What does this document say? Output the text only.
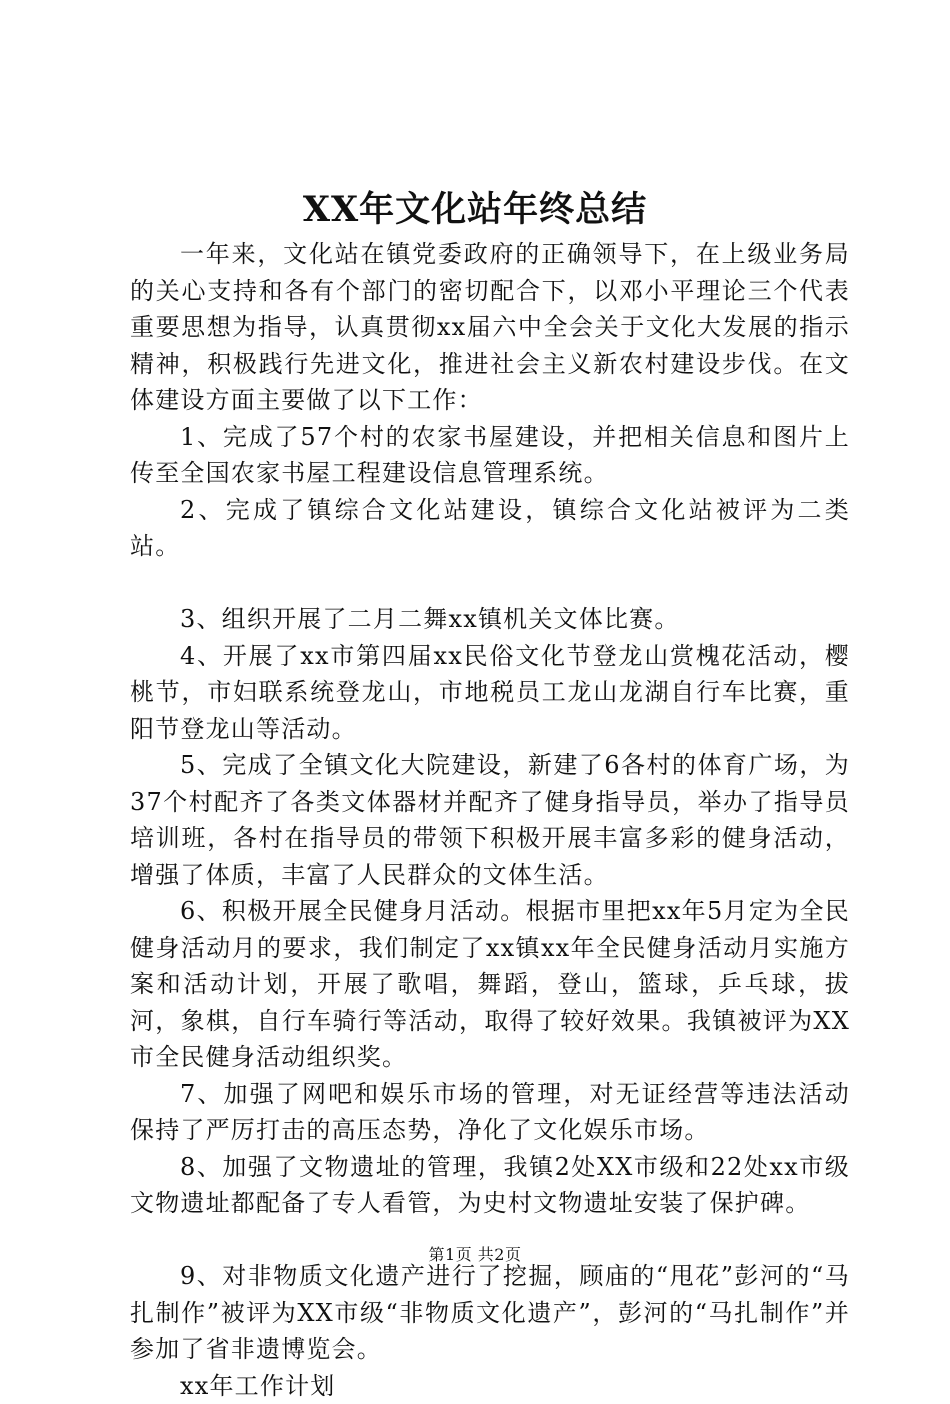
XX年文化站年终总结

一年来，文化站在镇党委政府的正确领导下，在上级业务局的关心支持和各有个部门的密切配合下，以邓小平理论三个代表重要思想为指导，认真贯彻xx届六中全会关于文化大发展的指示精神，积极践行先进文化，推进社会主义新农村建设步伐。在文体建设方面主要做了以下工作：

1、完成了57个村的农家书屋建设，并把相关信息和图片上传至全国农家书屋工程建设信息管理系统。

2、完成了镇综合文化站建设，镇综合文化站被评为二类站。

3、组织开展了二月二舞xx镇机关文体比赛。

4、开展了xx市第四届xx民俗文化节登龙山赏槐花活动，樱桃节，市妇联系统登龙山，市地税员工龙山龙湖自行车比赛，重阳节登龙山等活动。

5、完成了全镇文化大院建设，新建了6各村的体育广场，为37个村配齐了各类文体器材并配齐了健身指导员，举办了指导员培训班，各村在指导员的带领下积极开展丰富多彩的健身活动，增强了体质，丰富了人民群众的文体生活。

6、积极开展全民健身月活动。根据市里把xx年5月定为全民健身活动月的要求，我们制定了xx镇xx年全民健身活动月实施方案和活动计划，开展了歌唱，舞蹈，登山，篮球，乒乓球，拔河，象棋，自行车骑行等活动，取得了较好效果。我镇被评为XX市全民健身活动组织奖。

7、加强了网吧和娱乐市场的管理，对无证经营等违法活动保持了严厉打击的高压态势，净化了文化娱乐市场。

8、加强了文物遗址的管理，我镇2处XX市级和22处xx市级文物遗址都配备了专人看管，为史村文物遗址安装了保护碑。

9、对非物质文化遗产进行了挖掘，顾庙的“甩花”彭河的“马扎制作”被评为XX市级“非物质文化遗产”，彭河的“马扎制作”并参加了省非遗博览会。

xx年工作计划

第1页 共2页
